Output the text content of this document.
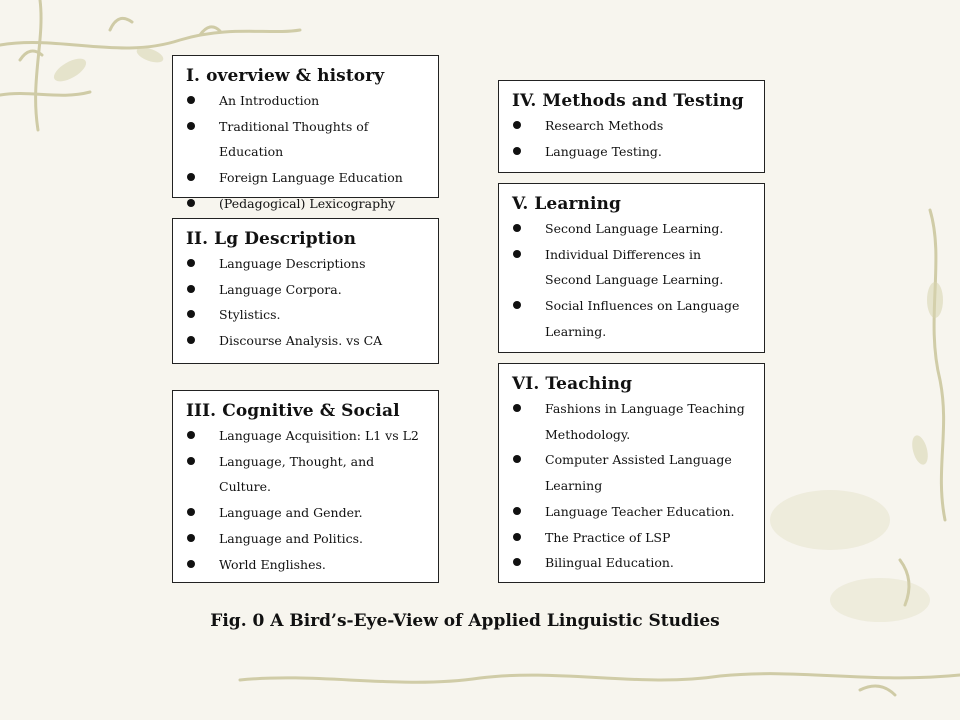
I. overview & history
An Introduction
Traditional Thoughts of Education
Foreign Language Education
(Pedagogical) Lexicography
II. Lg Description
Language Descriptions
Language Corpora.
Stylistics.
Discourse Analysis. vs CA
III. Cognitive & Social
Language Acquisition: L1 vs L2
Language, Thought, and Culture.
Language and Gender.
Language and Politics.
World Englishes.
IV. Methods and Testing
Research Methods
Language Testing.
V. Learning
Second Language Learning.
Individual Differences in Second Language Learning.
Social Influences on Language Learning.
VI. Teaching
Fashions in Language Teaching Methodology.
Computer Assisted Language Learning
Language Teacher Education.
The Practice of LSP
Bilingual Education.
Fig. 0 A Bird’s-Eye-View of Applied Linguistic Studies
